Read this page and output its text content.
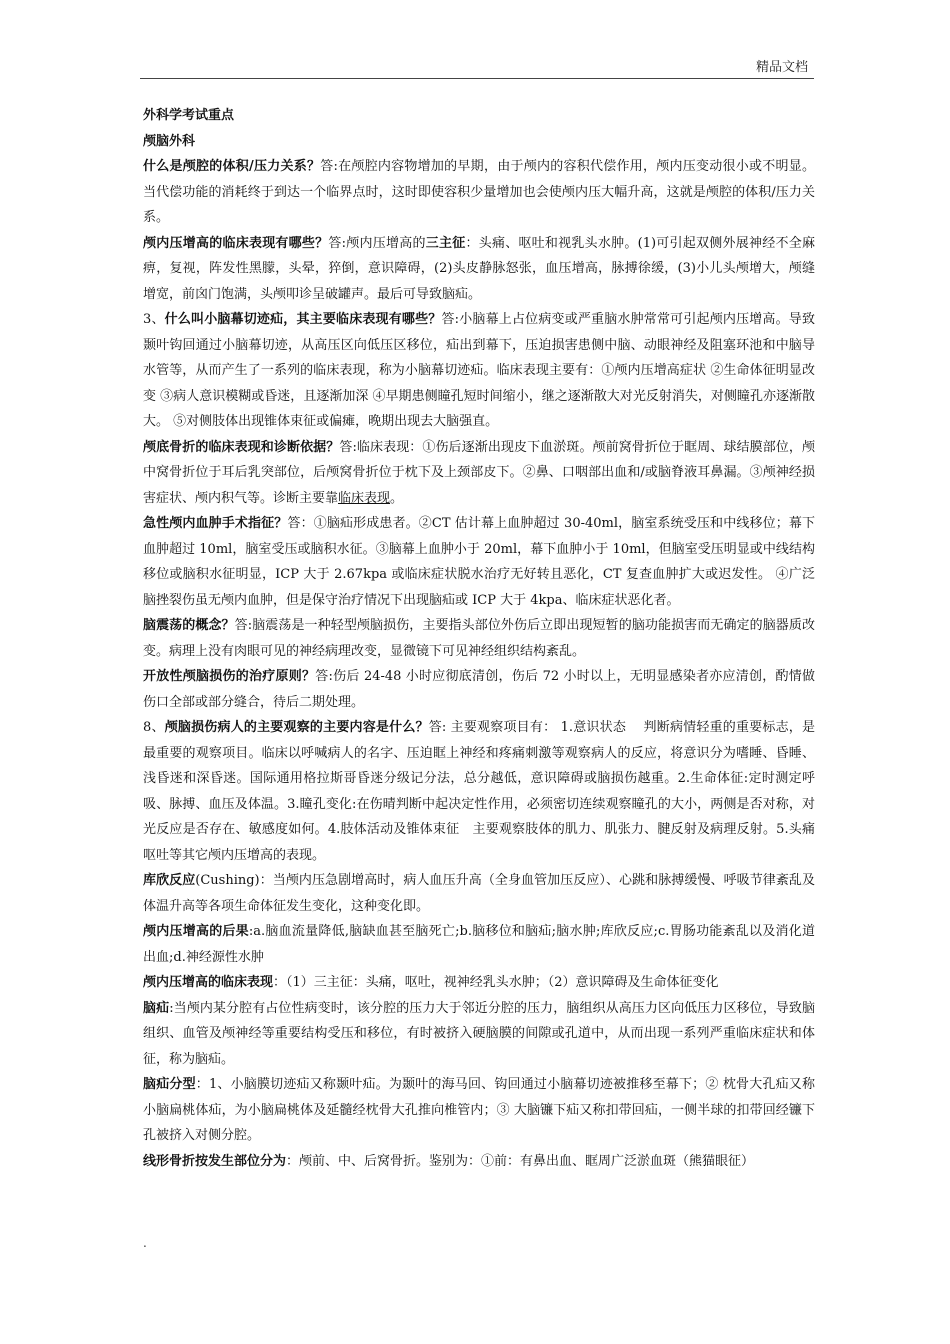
精品文档

外科学考试重点

颅脑外科

什么是颅腔的体积/压力关系？答:在颅腔内容物增加的早期，由于颅内的容积代偿作用，颅内压变动很小或不明显。当代偿功能的消耗终于到达一个临界点时，这时即使容积少量增加也会使颅内压大幅升高，这就是颅腔的体积/压力关系。

颅内压增高的临床表现有哪些？答:颅内压增高的三主征：头痛、呕吐和视乳头水肿。(1)可引起双侧外展神经不全麻痹，复视，阵发性黑朦，头晕，猝倒，意识障碍，(2)头皮静脉怒张，血压增高，脉搏徐缓，(3)小儿头颅增大，颅缝增宽，前囟门饱满，头颅叩诊呈破罐声。最后可导致脑疝。

3、什么叫小脑幕切迹疝，其主要临床表现有哪些？答:小脑幕上占位病变或严重脑水肿常常可引起颅内压增高。导致颞叶钩回通过小脑幕切迹，从高压区向低压区移位，疝出到幕下，压迫损害患侧中脑、动眼神经及阻塞环池和中脑导水管等，从而产生了一系列的临床表现，称为小脑幕切迹疝。临床表现主要有：①颅内压增高症状 ②生命体征明显改变 ③病人意识模糊或昏迷，且逐渐加深 ④早期患侧瞳孔短时间缩小，继之逐渐散大对光反射消失，对侧瞳孔亦逐渐散大。 ⑤对侧肢体出现锥体束征或偏瘫，晚期出现去大脑强直。

颅底骨折的临床表现和诊断依据？答:临床表现：①伤后逐渐出现皮下血淤斑。颅前窝骨折位于眶周、球结膜部位，颅中窝骨折位于耳后乳突部位，后颅窝骨折位于枕下及上颈部皮下。②鼻、口咽部出血和/或脑脊液耳鼻漏。③颅神经损害症状、颅内积气等。诊断主要靠临床表现。

急性颅内血肿手术指征？答：①脑疝形成患者。②CT 估计幕上血肿超过 30-40ml，脑室系统受压和中线移位；幕下血肿超过 10ml，脑室受压或脑积水征。③脑幕上血肿小于 20ml，幕下血肿小于 10ml，但脑室受压明显或中线结构移位或脑积水征明显，ICP 大于 2.67kpa 或临床症状脱水治疗无好转且恶化，CT 复查血肿扩大或迟发性。 ④广泛脑挫裂伤虽无颅内血肿，但是保守治疗情况下出现脑疝或 ICP 大于 4kpa、临床症状恶化者。

脑震荡的概念？答:脑震荡是一种轻型颅脑损伤，主要指头部位外伤后立即出现短暂的脑功能损害而无确定的脑器质改变。病理上没有肉眼可见的神经病理改变，显微镜下可见神经组织结构紊乱。

开放性颅脑损伤的治疗原则？答:伤后 24-48 小时应彻底清创，伤后 72 小时以上，无明显感染者亦应清创，酌情做伤口全部或部分缝合，待后二期处理。

8、颅脑损伤病人的主要观察的主要内容是什么？答: 主要观察项目有： 1.意识状态　 判断病情轻重的重要标志，是最重要的观察项目。临床以呼喊病人的名字、压迫眶上神经和疼痛刺激等观察病人的反应，将意识分为嗜睡、昏睡、浅昏迷和深昏迷。国际通用格拉斯哥昏迷分级记分法，总分越低，意识障碍或脑损伤越重。2.生命体征:定时测定呼吸、脉搏、血压及体温。3.瞳孔变化:在伤晴判断中起决定性作用，必须密切连续观察瞳孔的大小，两侧是否对称，对光反应是否存在、敏感度如何。4.肢体活动及锥体束征　主要观察肢体的肌力、肌张力、腱反射及病理反射。5.头痛呕吐等其它颅内压增高的表现。

库欣反应(Cushing)：当颅内压急剧增高时，病人血压升高（全身血管加压反应）、心跳和脉搏缓慢、呼吸节律紊乱及体温升高等各项生命体征发生变化，这种变化即。

颅内压增高的后果:a.脑血流量降低,脑缺血甚至脑死亡;b.脑移位和脑疝;脑水肿;库欣反应;c.胃肠功能紊乱以及消化道出血;d.神经源性水肿

颅内压增高的临床表现：（1）三主征：头痛，呕吐，视神经乳头水肿；（2）意识障碍及生命体征变化

脑疝:当颅内某分腔有占位性病变时，该分腔的压力大于邻近分腔的压力，脑组织从高压力区向低压力区移位，导致脑组织、血管及颅神经等重要结构受压和移位，有时被挤入硬脑膜的间隙或孔道中，从而出现一系列严重临床症状和体征，称为脑疝。

脑疝分型：1、小脑膜切迹疝又称颞叶疝。为颞叶的海马回、钩回通过小脑幕切迹被推移至幕下；② 枕骨大孔疝又称小脑扁桃体疝，为小脑扁桃体及延髓经枕骨大孔推向椎管内；③ 大脑镰下疝又称扣带回疝，一侧半球的扣带回经镰下孔被挤入对侧分腔。

线形骨折按发生部位分为：颅前、中、后窝骨折。鉴别为：①前：有鼻出血、眶周广泛淤血斑（熊猫眼征）

.
